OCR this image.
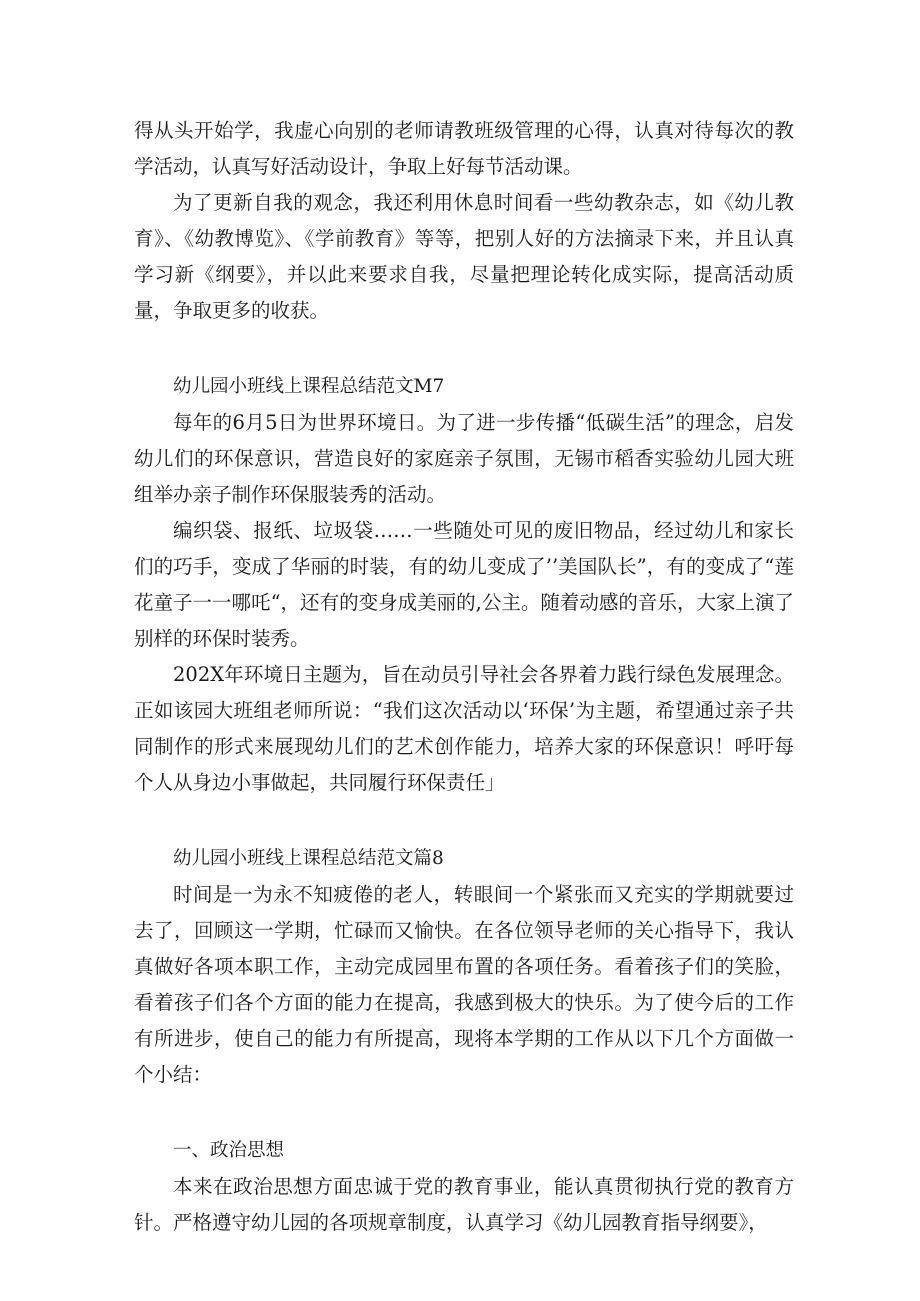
得从头开始学，我虚心向别的老师请教班级管理的心得，认真对待每次的教学活动，认真写好活动设计，争取上好每节活动课。

为了更新自我的观念，我还利用休息时间看一些幼教杂志，如《幼儿教育》、《幼教博览》、《学前教育》等等，把别人好的方法摘录下来，并且认真学习新《纲要》，并以此来要求自我，尽量把理论转化成实际，提高活动质量，争取更多的收获。

幼儿园小班线上课程总结范文M7

每年的6月5日为世界环境日。为了进一步传播“低碳生活”的理念，启发幼儿们的环保意识，营造良好的家庭亲子氛围，无锡市稻香实验幼儿园大班组举办亲子制作环保服装秀的活动。

编织袋、报纸、垃圾袋……一些随处可见的废旧物品，经过幼儿和家长们的巧手，变成了华丽的时装，有的幼儿变成了’’美国队长”，有的变成了“莲花童子一一哪吒“，还有的变身成美丽的,公主。随着动感的音乐，大家上演了别样的环保时装秀。

202X年环境日主题为，旨在动员引导社会各界着力践行绿色发展理念。正如该园大班组老师所说：“我们这次活动以‘环保’为主题，希望通过亲子共同制作的形式来展现幼儿们的艺术创作能力，培养大家的环保意识！呼吁每个人从身边小事做起，共同履行环保责任」

幼儿园小班线上课程总结范文篇8

时间是一为永不知疲倦的老人，转眼间一个紧张而又充实的学期就要过去了，回顾这一学期，忙碌而又愉快。在各位领导老师的关心指导下，我认真做好各项本职工作，主动完成园里布置的各项任务。看着孩子们的笑脸，看着孩子们各个方面的能力在提高，我感到极大的快乐。为了使今后的工作有所进步，使自己的能力有所提高，现将本学期的工作从以下几个方面做一个小结：

一、政治思想

本来在政治思想方面忠诚于党的教育事业，能认真贯彻执行党的教育方针。严格遵守幼儿园的各项规章制度，认真学习《幼儿园教育指导纲要》，
